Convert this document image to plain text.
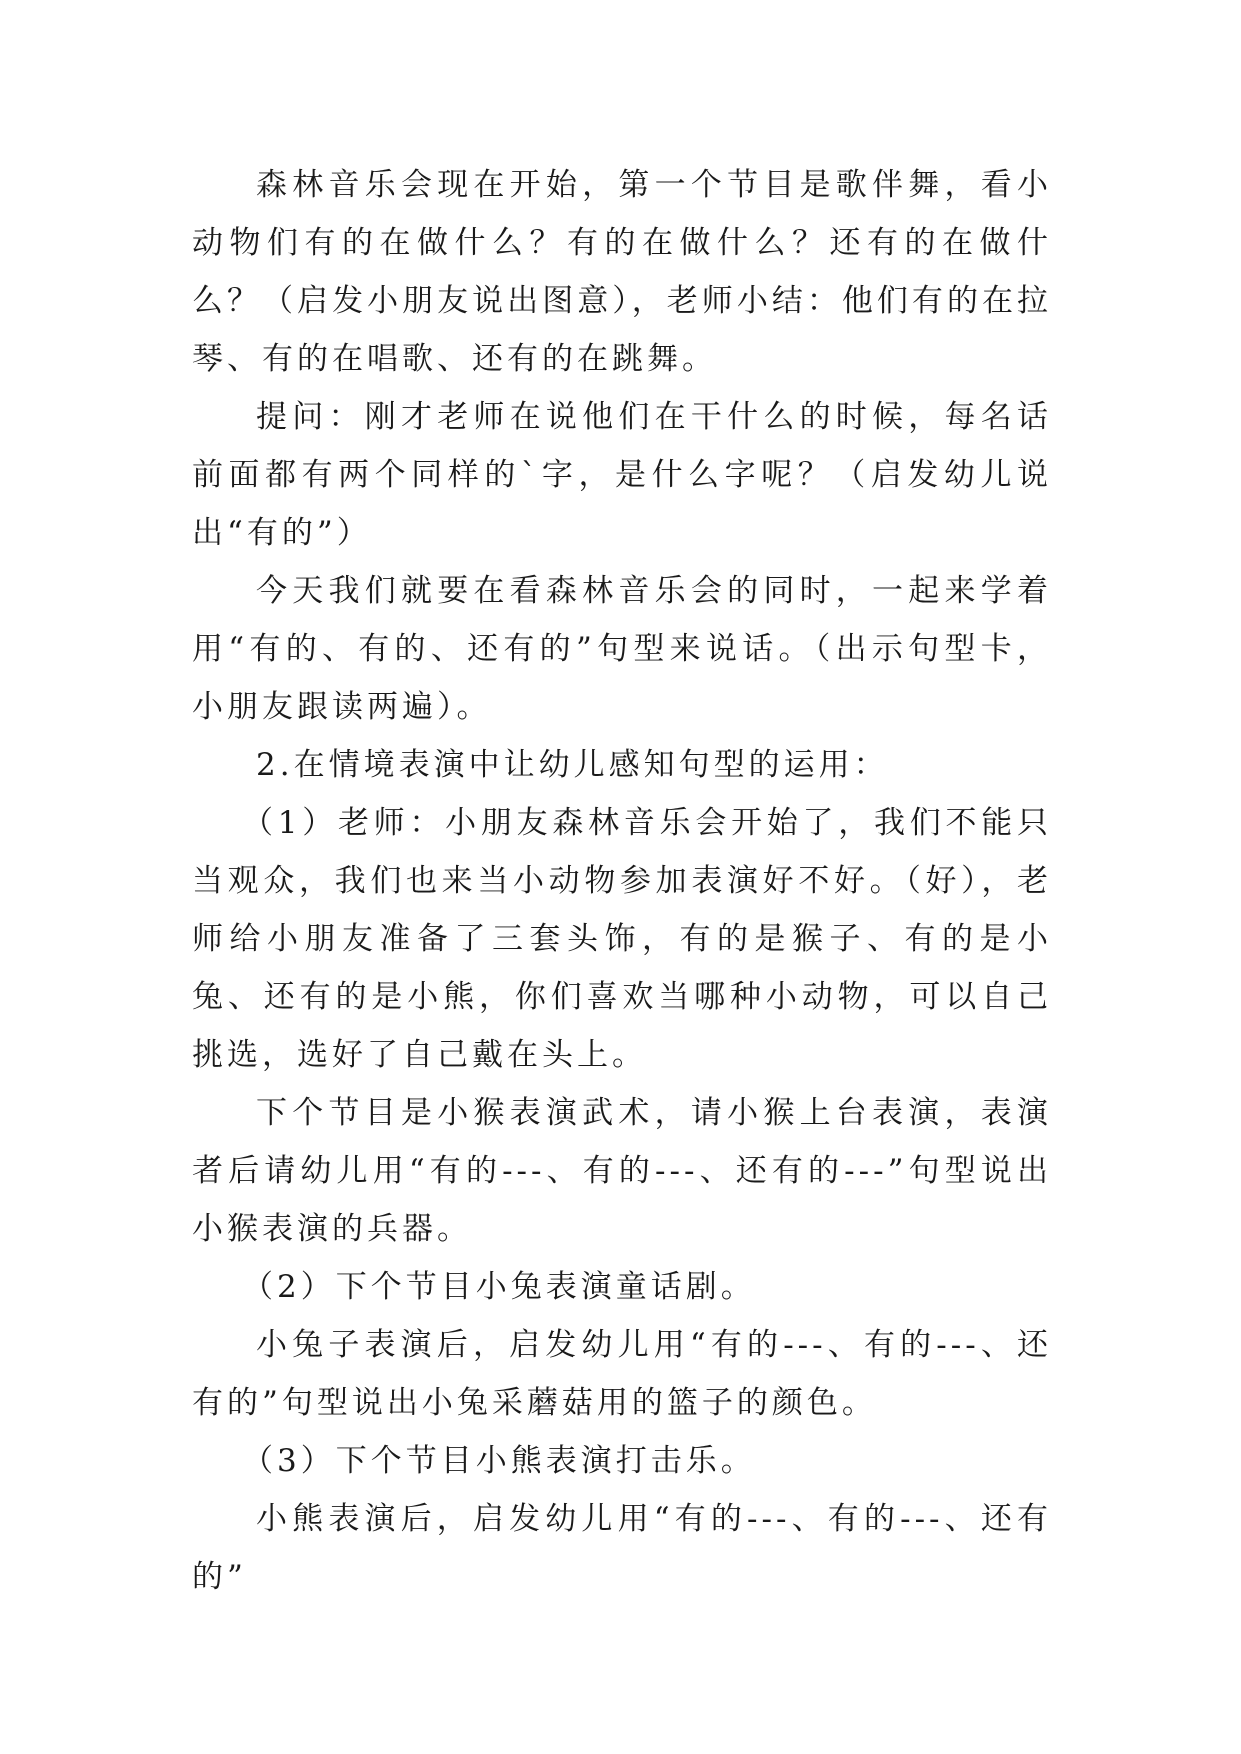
森林音乐会现在开始，第一个节目是歌伴舞，看小动物们有的在做什么？有的在做什么？还有的在做什么？（启发小朋友说出图意），老师小结：他们有的在拉琴、有的在唱歌、还有的在跳舞。

提问：刚才老师在说他们在干什么的时候，每名话前面都有两个同样的`字，是什么字呢？（启发幼儿说出“有的”）

今天我们就要在看森林音乐会的同时，一起来学着用“有的、有的、还有的”句型来说话。（出示句型卡，小朋友跟读两遍）。

2.在情境表演中让幼儿感知句型的运用：

（1）老师：小朋友森林音乐会开始了，我们不能只当观众，我们也来当小动物参加表演好不好。（好），老师给小朋友准备了三套头饰，有的是猴子、有的是小兔、还有的是小熊，你们喜欢当哪种小动物，可以自己挑选，选好了自己戴在头上。

下个节目是小猴表演武术，请小猴上台表演，表演者后请幼儿用“有的---、有的---、还有的---”句型说出小猴表演的兵器。

（2）下个节目小兔表演童话剧。

小兔子表演后，启发幼儿用“有的---、有的---、还有的”句型说出小兔采蘑菇用的篮子的颜色。

（3）下个节目小熊表演打击乐。

小熊表演后，启发幼儿用“有的---、有的---、还有的”
